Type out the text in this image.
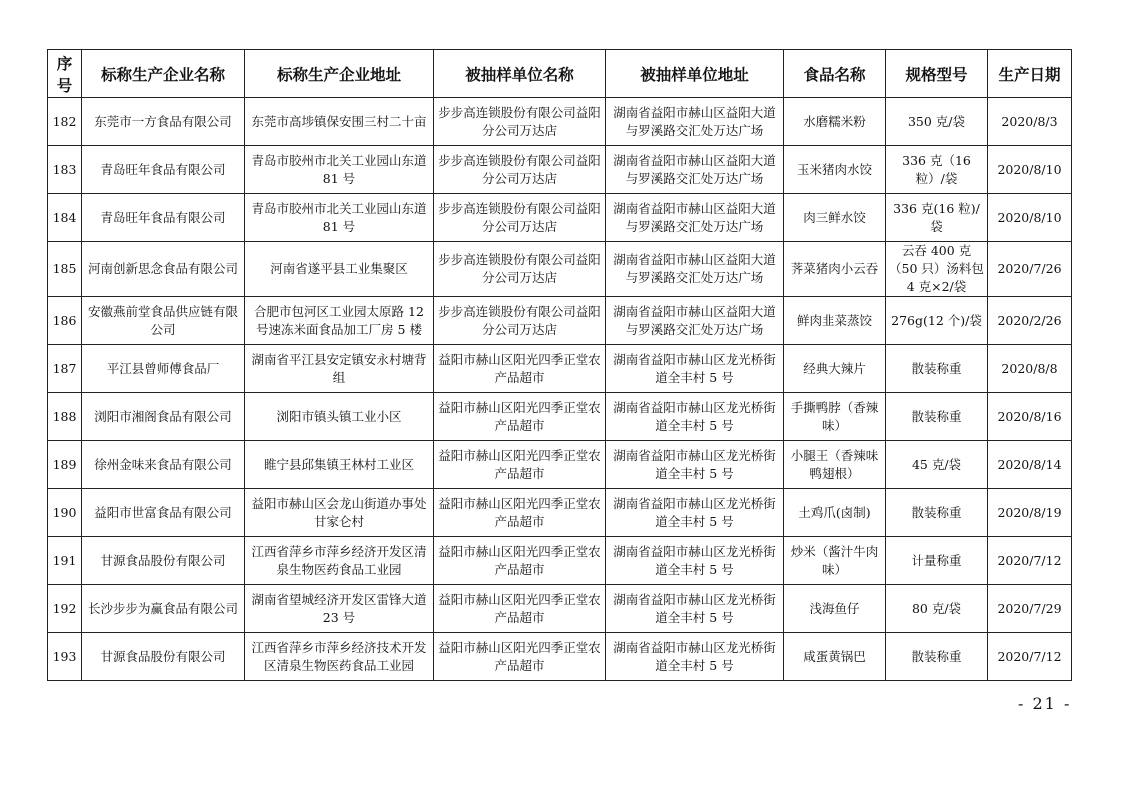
序号	标称生产企业名称	标称生产企业地址	被抽样单位名称	被抽样单位地址	食品名称	规格型号	生产日期
182	东莞市一方食品有限公司	东莞市高埗镇保安围三村二十亩	步步高连锁股份有限公司益阳分公司万达店	湖南省益阳市赫山区益阳大道与罗溪路交汇处万达广场	水磨糯米粉	350 克/袋	2020/8/3
183	青岛旺年食品有限公司	青岛市胶州市北关工业园山东道 81 号	步步高连锁股份有限公司益阳分公司万达店	湖南省益阳市赫山区益阳大道与罗溪路交汇处万达广场	玉米猪肉水饺	336 克（16 粒）/袋	2020/8/10
184	青岛旺年食品有限公司	青岛市胶州市北关工业园山东道 81 号	步步高连锁股份有限公司益阳分公司万达店	湖南省益阳市赫山区益阳大道与罗溪路交汇处万达广场	肉三鲜水饺	336 克(16 粒)/袋	2020/8/10
185	河南创新思念食品有限公司	河南省遂平县工业集聚区	步步高连锁股份有限公司益阳分公司万达店	湖南省益阳市赫山区益阳大道与罗溪路交汇处万达广场	荠菜猪肉小云吞	云吞 400 克（50 只）汤料包 4 克×2/袋	2020/7/26
186	安徽燕前堂食品供应链有限公司	合肥市包河区工业园太原路 12 号速冻米面食品加工厂房 5 楼	步步高连锁股份有限公司益阳分公司万达店	湖南省益阳市赫山区益阳大道与罗溪路交汇处万达广场	鲜肉韭菜蒸饺	276g(12 个)/袋	2020/2/26
187	平江县曾师傅食品厂	湖南省平江县安定镇安永村塘背组	益阳市赫山区阳光四季正堂农产品超市	湖南省益阳市赫山区龙光桥街道全丰村 5 号	经典大辣片	散装称重	2020/8/8
188	浏阳市湘阁食品有限公司	浏阳市镇头镇工业小区	益阳市赫山区阳光四季正堂农产品超市	湖南省益阳市赫山区龙光桥街道全丰村 5 号	手撕鸭脖（香辣味）	散装称重	2020/8/16
189	徐州金味来食品有限公司	睢宁县邱集镇王林村工业区	益阳市赫山区阳光四季正堂农产品超市	湖南省益阳市赫山区龙光桥街道全丰村 5 号	小腿王（香辣味鸭翅根）	45 克/袋	2020/8/14
190	益阳市世富食品有限公司	益阳市赫山区会龙山街道办事处甘家仑村	益阳市赫山区阳光四季正堂农产品超市	湖南省益阳市赫山区龙光桥街道全丰村 5 号	土鸡爪(卤制)	散装称重	2020/8/19
191	甘源食品股份有限公司	江西省萍乡市萍乡经济开发区清泉生物医药食品工业园	益阳市赫山区阳光四季正堂农产品超市	湖南省益阳市赫山区龙光桥街道全丰村 5 号	炒米（酱汁牛肉味）	计量称重	2020/7/12
192	长沙步步为赢食品有限公司	湖南省望城经济开发区雷锋大道 23 号	益阳市赫山区阳光四季正堂农产品超市	湖南省益阳市赫山区龙光桥街道全丰村 5 号	浅海鱼仔	80 克/袋	2020/7/29
193	甘源食品股份有限公司	江西省萍乡市萍乡经济技术开发区清泉生物医药食品工业园	益阳市赫山区阳光四季正堂农产品超市	湖南省益阳市赫山区龙光桥街道全丰村 5 号	咸蛋黄锅巴	散装称重	2020/7/12
- 21 -
